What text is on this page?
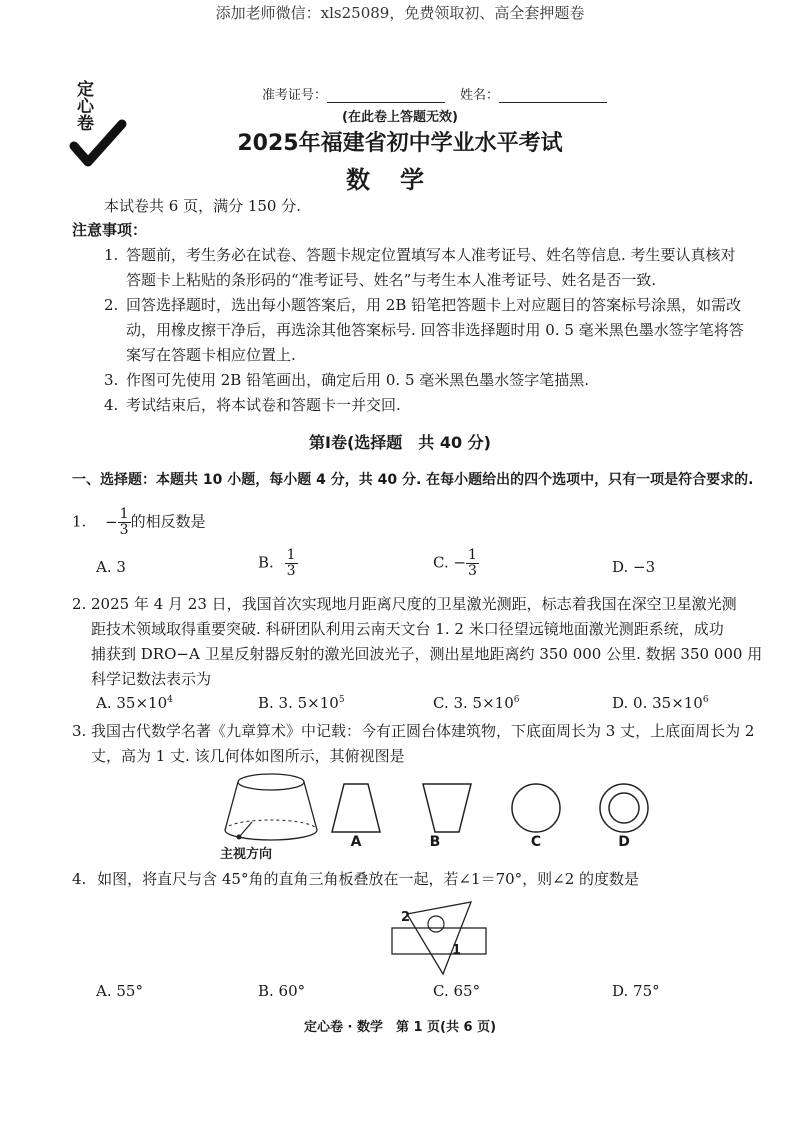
添加老师微信：xls25089，免费领取初、高全套押题卷
定心卷	准考证号：	姓名：
(在此卷上答题无效)
2025年福建省初中学业水平考试
数学
本试卷共 6 页，满分 150 分.
注意事项：
1. 答题前，考生务必在试卷、答题卡规定位置填写本人准考证号、姓名等信息. 考生要认真核对
答题卡上粘贴的条形码的“准考证号、姓名”与考生本人准考证号、姓名是否一致.
2. 回答选择题时，选出每小题答案后，用 2B 铅笔把答题卡上对应题目的答案标号涂黑，如需改
动，用橡皮擦干净后，再选涂其他答案标号. 回答非选择题时用 0. 5 毫米黑色墨水签字笔将答
案写在答题卡相应位置上.
3. 作图可先使用 2B 铅笔画出，确定后用 0. 5 毫米黑色墨水签字笔描黑.
4. 考试结束后，将本试卷和答题卡一并交回.
第Ⅰ卷(选择题　共 40 分)
一、选择题：本题共 10 小题，每小题 4 分，共 40 分. 在每小题给出的四个选项中，只有一项是符合要求的.
1. − $\frac{1}{3}$ 的相反数是
A. 3	B. $\frac{1}{3}$	C. − $\frac{1}{3}$	D. −3
2. 2025 年 4 月 23 日，我国首次实现地月距离尺度的卫星激光测距，标志着我国在深空卫星激光测
距技术领域取得重要突破. 科研团队利用云南天文台 1. 2 米口径望远镜地面激光测距系统，成功
捕获到 DRO−A 卫星反射器反射的激光回波光子，测出星地距离约 350 000 公里. 数据 350 000 用
科学记数法表示为
A. $35\times 10^4$	B. 3. $5\times 10^5$	C. 3. $5\times 10^6$	D. 0. $35\times 10^6$
3. 我国古代数学名著《九章算术》中记载：今有正圆台体建筑物，下底面周长为 3 丈，上底面周长为 2
丈，高为 1 丈. 该几何体如图所示，其俯视图是
主视方向
A	B	C	D
4. 如图，将直尺与含 45°角的直角三角板叠放在一起，若∠1＝70°，则∠2 的度数是
2
1
A. 55°	B. 60°	C. 65°	D. 75°
定心卷 · 数学　第 1 页(共 6 页)
